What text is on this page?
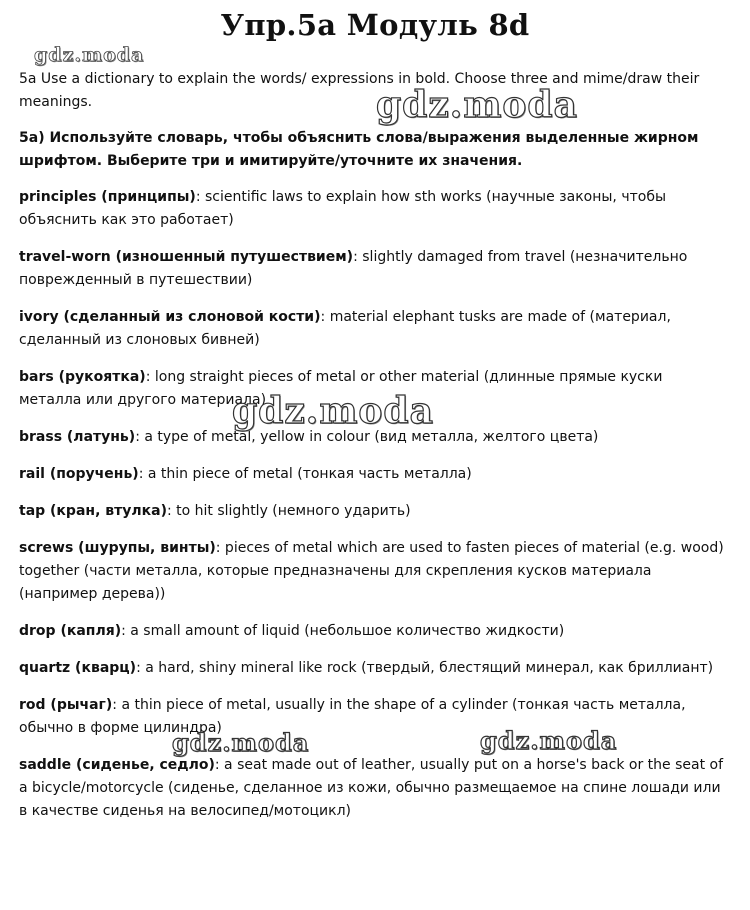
Упр.5a Модуль 8d

5a Use a dictionary to explain the words/ expressions in bold. Choose three and mime/draw their meanings.

5a) Используйте словарь, чтобы объяснить слова/выражения выделенные жирном шрифтом. Выберите три и имитируйте/уточните их значения.

principles (принципы): scientific laws to explain how sth works (научные законы, чтобы объяснить как это работает)

travel-worn (изношенный путушествием): slightly damaged from travel (незначительно поврежденный в путешествии)

ivory (сделанный из слоновой кости): material elephant tusks are made of (материал, сделанный из слоновых бивней)

bars (рукоятка): long straight pieces of metal or other material (длинные прямые куски металла или другого материала)

brass (латунь): a type of metal, yellow in colour (вид металла, желтого цвета)

rail (поручень): a thin piece of metal (тонкая часть металла)

tap (кран, втулка): to hit slightly (немного ударить)

screws (шурупы, винты): pieces of metal which are used to fasten pieces of material (e.g. wood) together (части металла, которые предназначены для скрепления кусков материала (например дерева))

drop (капля): a small amount of liquid (небольшое количество жидкости)

quartz (кварц): a hard, shiny mineral like rock (твердый, блестящий минерал, как бриллиант)

rod (рычаг): a thin piece of metal, usually in the shape of a cylinder (тонкая часть металла, обычно в форме цилиндра)

saddle (сиденье, седло): a seat made out of leather, usually put on a horse's back or the seat of a bicycle/motorcycle (сиденье, сделанное из кожи, обычно размещаемое на спине лошади или в качестве сиденья на велосипед/мотоцикл)

gdz.moda
gdz.moda
gdz.moda
gdz.moda	gdz.moda
